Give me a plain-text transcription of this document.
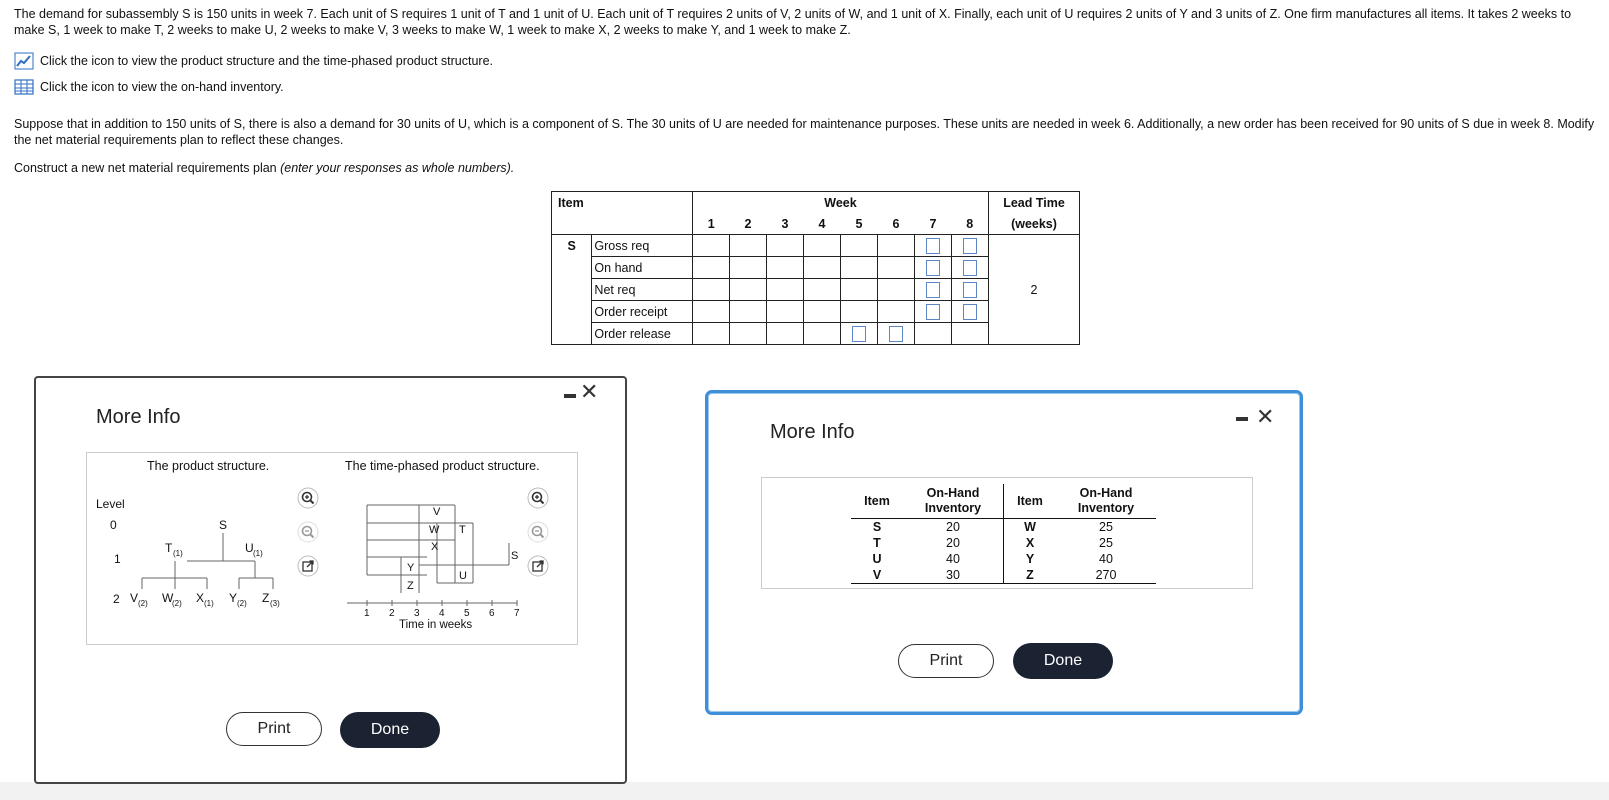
The demand for subassembly S is 150 units in week 7. Each unit of S requires 1 unit of T and 1 unit of U. Each unit of T requires 2 units of V, 2 units of W, and 1 unit of X. Finally, each unit of U requires 2 units of Y and 3 units of Z. One firm manufactures all items. It takes 2 weeks to make S, 1 week to make T, 2 weeks to make U, 2 weeks to make V, 3 weeks to make W, 1 week to make X, 2 weeks to make Y, and 1 week to make Z.
Click the icon to view the product structure and the time-phased product structure.
Click the icon to view the on-hand inventory.
Suppose that in addition to 150 units of S, there is also a demand for 30 units of U, which is a component of S. The 30 units of U are needed for maintenance purposes. These units are needed in week 6. Additionally, a new order has been received for 90 units of S due in week 8. Modify the net material requirements plan to reflect these changes.
Construct a new net material requirements plan (enter your responses as whole numbers).
Item		Week								Lead Time
		1	2	3	4	5	6	7	8	(weeks)
S	Gross req									2
	On hand							

	Net req							

	Order receipt							

	Order release					

More Info
✕
The product structure.	The time-phased product structure.
Level
0
1
2
S
T (1)	U (1)
V (2) W
(2) X (1) Y (2) Z (3)
V
W
X
T
Y
Z
U
S
1 2 3 4 5 6 7
Time in weeks
Print	Done
More Info
✕
Item	On-Hand
Inventory	Item	On-Hand
Inventory
S	20	W	25
T	20	X	25
U	40	Y	40
V	30	Z	270
Print	Done
